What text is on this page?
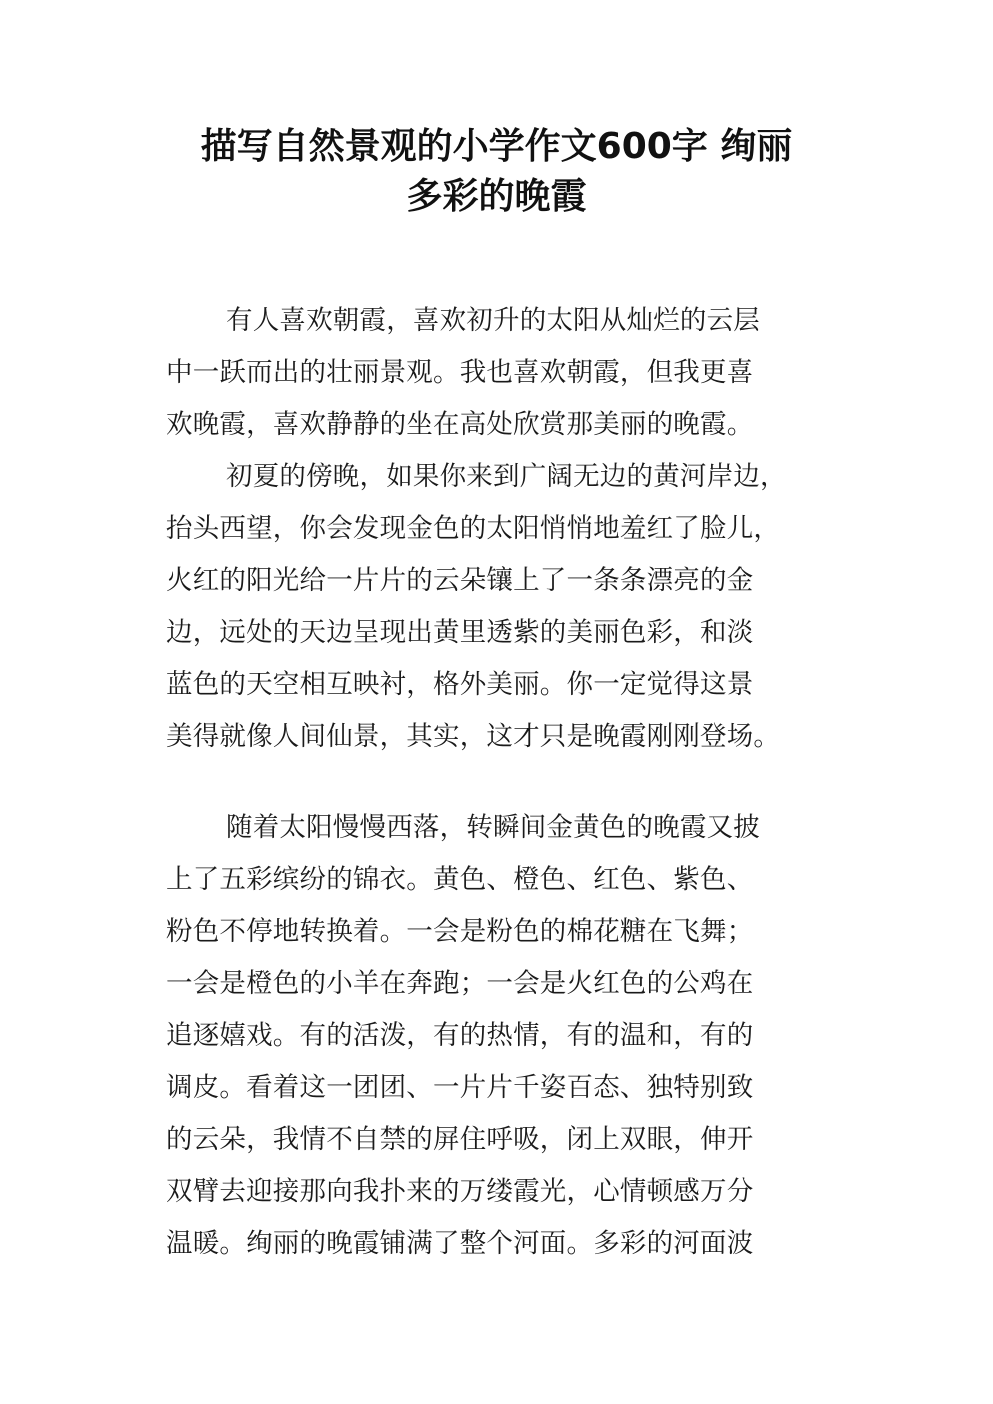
描写自然景观的小学作文600字 绚丽
多彩的晚霞
有人喜欢朝霞，喜欢初升的太阳从灿烂的云层
中一跃而出的壮丽景观。我也喜欢朝霞，但我更喜
欢晚霞，喜欢静静的坐在高处欣赏那美丽的晚霞。
初夏的傍晚，如果你来到广阔无边的黄河岸边，
抬头西望，你会发现金色的太阳悄悄地羞红了脸儿，
火红的阳光给一片片的云朵镶上了一条条漂亮的金
边，远处的天边呈现出黄里透紫的美丽色彩，和淡
蓝色的天空相互映衬，格外美丽。你一定觉得这景
美得就像人间仙景，其实，这才只是晚霞刚刚登场。
随着太阳慢慢西落，转瞬间金黄色的晚霞又披
上了五彩缤纷的锦衣。黄色、橙色、红色、紫色、
粉色不停地转换着。一会是粉色的棉花糖在飞舞；
一会是橙色的小羊在奔跑；一会是火红色的公鸡在
追逐嬉戏。有的活泼，有的热情，有的温和，有的
调皮。看着这一团团、一片片千姿百态、独特别致
的云朵，我情不自禁的屏住呼吸，闭上双眼，伸开
双臂去迎接那向我扑来的万缕霞光，心情顿感万分
温暖。绚丽的晚霞铺满了整个河面。多彩的河面波
